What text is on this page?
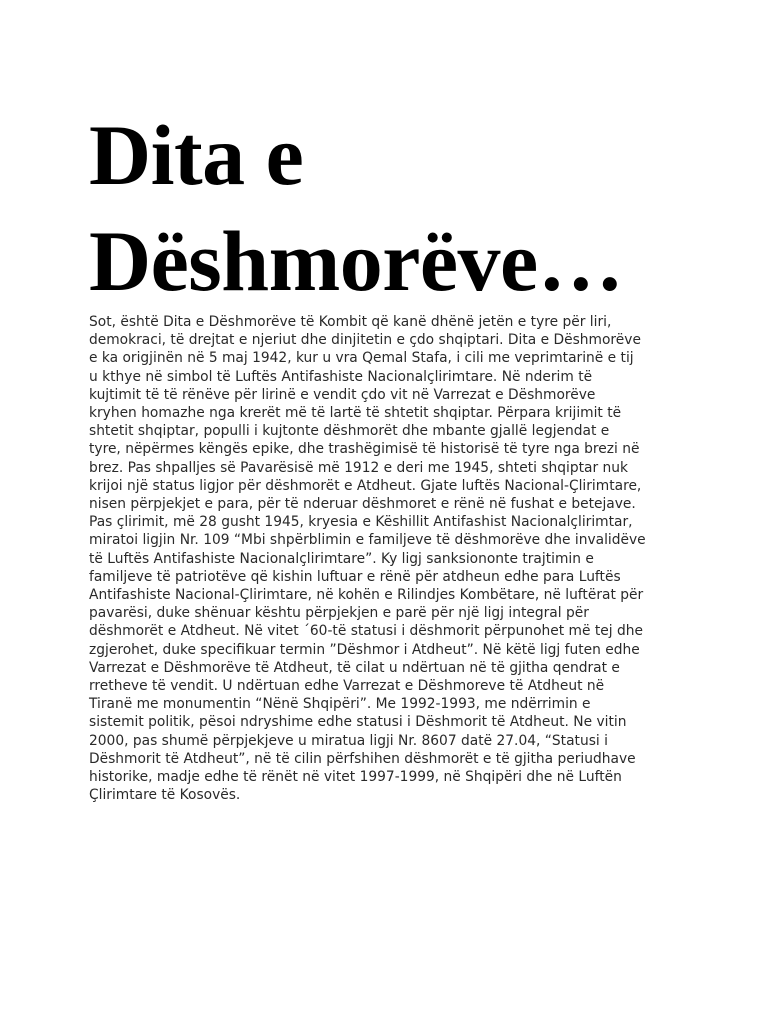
Dita e
Dëshmorëve…
Sot, është Dita e Dëshmorëve të Kombit që kanë dhënë jetën e tyre për liri,
demokraci, të drejtat e njeriut dhe dinjitetin e çdo shqiptari. Dita e Dëshmorëve
e ka origjinën në 5 maj 1942, kur u vra Qemal Stafa, i cili me veprimtarinë e tij
u kthye në simbol të Luftës Antifashiste Nacionalçlirimtare. Në nderim të
kujtimit të të rënëve për lirinë e vendit çdo vit në Varrezat e Dëshmorëve
kryhen homazhe nga krerët më të lartë të shtetit shqiptar. Përpara krijimit të
shtetit shqiptar, populli i kujtonte dëshmorët dhe mbante gjallë legjendat e
tyre, nëpërmes këngës epike, dhe trashëgimisë të historisë të tyre nga brezi në
brez. Pas shpalljes së Pavarësisë më 1912 e deri me 1945, shteti shqiptar nuk
krijoi një status ligjor për dëshmorët e Atdheut. Gjate luftës Nacional-Çlirimtare,
nisen përpjekjet e para, për të nderuar dëshmoret e rënë në fushat e betejave.
Pas çlirimit, më 28 gusht 1945, kryesia e Këshillit Antifashist Nacionalçlirimtar,
miratoi ligjin Nr. 109 “Mbi shpërblimin e familjeve të dëshmorëve dhe invalidëve
të Luftës Antifashiste Nacionalçlirimtare”. Ky ligj sanksiononte trajtimin e
familjeve të patriotëve që kishin luftuar e rënë për atdheun edhe para Luftës
Antifashiste Nacional-Çlirimtare, në kohën e Rilindjes Kombëtare, në luftërat për
pavarësi, duke shënuar kështu përpjekjen e parë për një ligj integral për
dëshmorët e Atdheut. Në vitet ´60-të statusi i dëshmorit përpunohet më tej dhe
zgjerohet, duke specifikuar termin ”Dëshmor i Atdheut”. Në këtë ligj futen edhe
Varrezat e Dëshmorëve të Atdheut, të cilat u ndërtuan në të gjitha qendrat e
rretheve të vendit. U ndërtuan edhe Varrezat e Dëshmoreve të Atdheut në
Tiranë me monumentin “Nënë Shqipëri”. Me 1992-1993, me ndërrimin e
sistemit politik, pësoi ndryshime edhe statusi i Dëshmorit të Atdheut. Ne vitin
2000, pas shumë përpjekjeve u miratua ligji Nr. 8607 datë 27.04, “Statusi i
Dëshmorit të Atdheut”, në të cilin përfshihen dëshmorët e të gjitha periudhave
historike, madje edhe të rënët në vitet 1997-1999, në Shqipëri dhe në Luftën
Çlirimtare të Kosovës.
